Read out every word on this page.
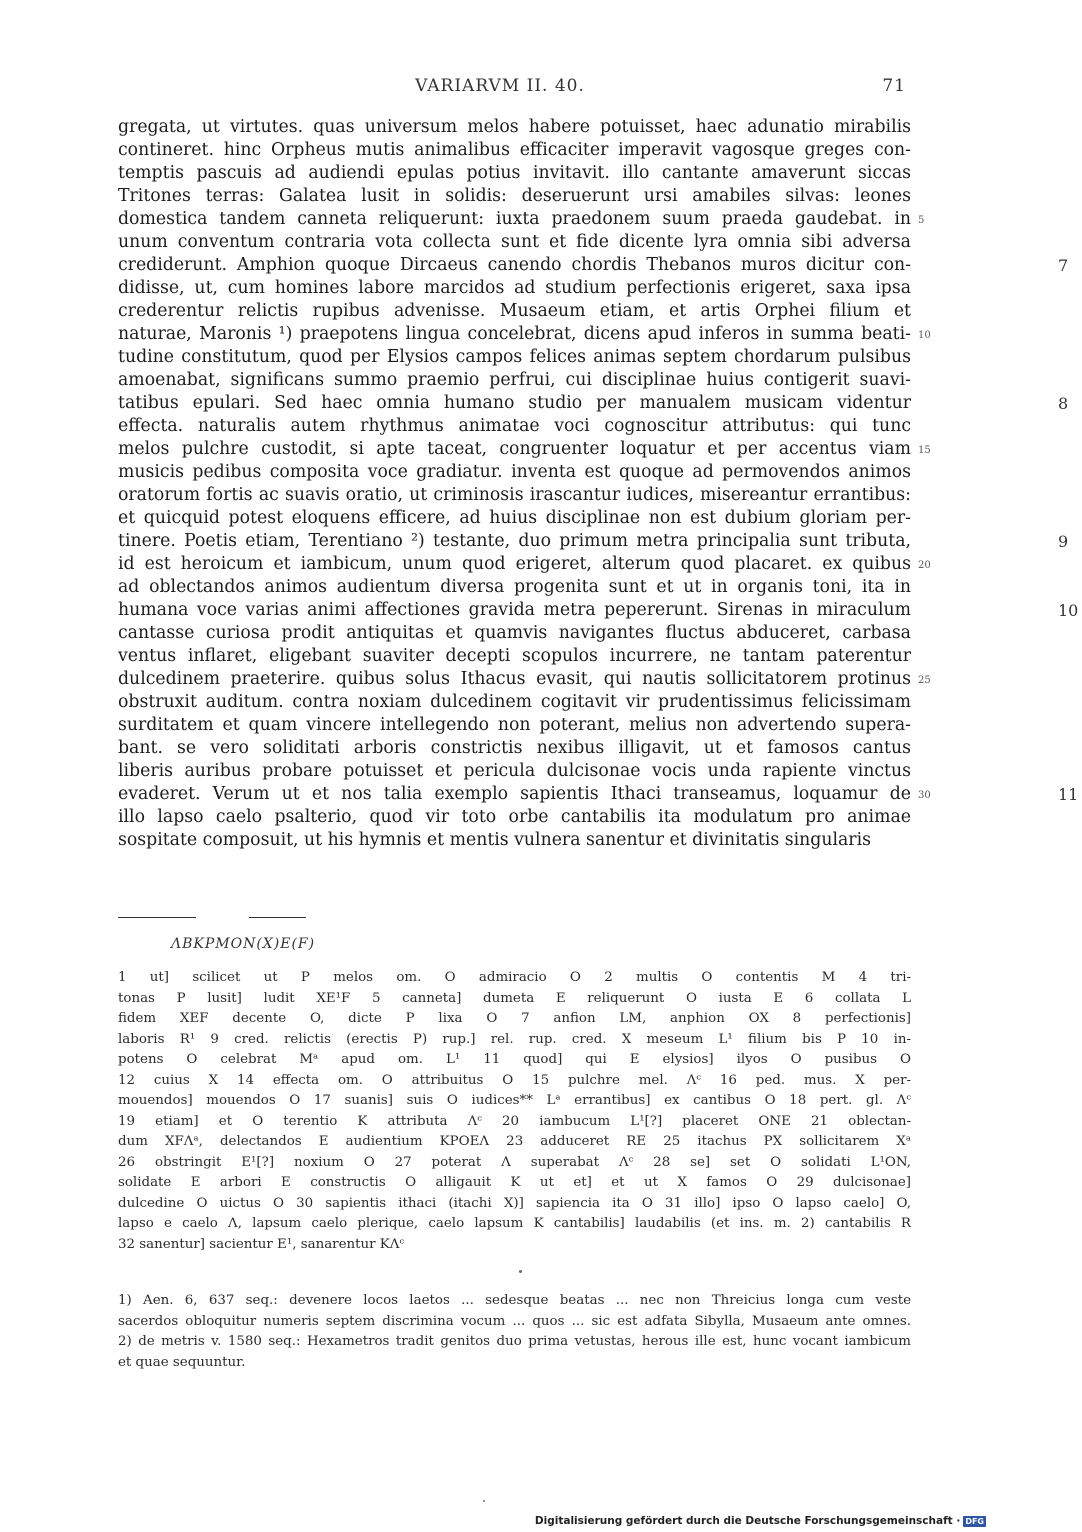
VARIARVM II. 40.	71
gregata, ut virtutes. quas universum melos habere potuisset, haec adunatio mirabilis
contineret. hinc Orpheus mutis animalibus efficaciter imperavit vagosque greges con-
temptis pascuis ad audiendi epulas potius invitavit. illo cantante amaverunt siccas
Tritones terras: Galatea lusit in solidis: deseruerunt ursi amabiles silvas: leones
domestica tandem canneta reliquerunt: iuxta praedonem suum praeda gaudebat. in 5
unum conventum contraria vota collecta sunt et fide dicente lyra omnia sibi adversa
crediderunt. Amphion quoque Dircaeus canendo chordis Thebanos muros dicitur con-	7
didisse, ut, cum homines labore marcidos ad studium perfectionis erigeret, saxa ipsa
crederentur relictis rupibus advenisse. Musaeum etiam, et artis Orphei filium et
naturae, Maronis ¹) praepotens lingua concelebrat, dicens apud inferos in summa beati- 10
tudine constitutum, quod per Elysios campos felices animas septem chordarum pulsibus
amoenabat, significans summo praemio perfrui, cui disciplinae huius contigerit suavi-
tatibus epulari. Sed haec omnia humano studio per manualem musicam videntur	8
effecta. naturalis autem rhythmus animatae voci cognoscitur attributus: qui tunc
melos pulchre custodit, si apte taceat, congruenter loquatur et per accentus viam 15
musicis pedibus composita voce gradiatur. inventa est quoque ad permovendos animos
oratorum fortis ac suavis oratio, ut criminosis irascantur iudices, misereantur errantibus:
et quicquid potest eloquens efficere, ad huius disciplinae non est dubium gloriam per-
tinere. Poetis etiam, Terentiano ²) testante, duo primum metra principalia sunt tributa,	9
id est heroicum et iambicum, unum quod erigeret, alterum quod placaret. ex quibus 20
ad oblectandos animos audientum diversa progenita sunt et ut in organis toni, ita in
humana voce varias animi affectiones gravida metra pepererunt. Sirenas in miraculum	10
cantasse curiosa prodit antiquitas et quamvis navigantes fluctus abduceret, carbasa
ventus inflaret, eligebant suaviter decepti scopulos incurrere, ne tantam paterentur
dulcedinem praeterire. quibus solus Ithacus evasit, qui nautis sollicitatorem protinus 25
obstruxit auditum. contra noxiam dulcedinem cogitavit vir prudentissimus felicissimam
surditatem et quam vincere intellegendo non poterant, melius non advertendo supera-
bant. se vero soliditati arboris constrictis nexibus illigavit, ut et famosos cantus
liberis auribus probare potuisset et pericula dulcisonae vocis unda rapiente vinctus
evaderet. Verum ut et nos talia exemplo sapientis Ithaci transeamus, loquamur de 30	11
illo lapso caelo psalterio, quod vir toto orbe cantabilis ita modulatum pro animae
sospitate composuit, ut his hymnis et mentis vulnera sanentur et divinitatis singularis
ΛBKPMON(X)E(F)
1 ut] scilicet ut P melos om. O admiracio O 2 multis O contentis M 4 tri-
tonas P lusit] ludit XE¹F 5 canneta] dumeta E reliquerunt O iusta E 6 collata L
fidem XEF decente O, dicte P lixa O 7 anfion LM, anphion OX 8 perfectionis]
laboris R¹ 9 cred. relictis (erectis P) rup.] rel. rup. cred. X meseum L¹ filium bis P 10 in-
potens O celebrat Mᵃ apud om. L¹ 11 quod] qui E elysios] ilyos O pusibus O
12 cuius X 14 effecta om. O attribuitus O 15 pulchre mel. Λᶜ 16 ped. mus. X per-
mouendos] mouendos O 17 suanis] suis O iudices** Lᵃ errantibus] ex cantibus O 18 pert. gl. Λᶜ
19 etiam] et O terentio K attributa Λᶜ 20 iambucum L¹[?] placeret ONE 21 oblectan-
dum XFΛᵃ, delectandos E audientium KPOEΛ 23 adduceret RE 25 itachus PX sollicitarem Xᵃ
26 obstringit E¹[?] noxium O 27 poterat Λ superabat Λᶜ 28 se] set O solidati L¹ON,
solidate E arbori E constructis O alligauit K ut et] et ut X famos O 29 dulcisonae]
dulcedine O uictus O 30 sapientis ithaci (itachi X)] sapiencia ita O 31 illo] ipso O lapso caelo] O,
lapso e caelo Λ, lapsum caelo plerique, caelo lapsum K cantabilis] laudabilis (et ins. m. 2) cantabilis R
32 sanentur] sacientur E¹, sanarentur KΛᶜ
1) Aen. 6, 637 seq.: devenere locos laetos ... sedesque beatas ... nec non Threicius longa cum veste
sacerdos obloquitur numeris septem discrimina vocum ... quos ... sic est adfata Sibylla, Musaeum ante omnes.
2) de metris v. 1580 seq.: Hexametros tradit genitos duo prima vetustas, herous ille est, hunc vocant iambicum
et quae sequuntur.
Digitalisierung gefördert durch die Deutsche Forschungsgemeinschaft · DFG
